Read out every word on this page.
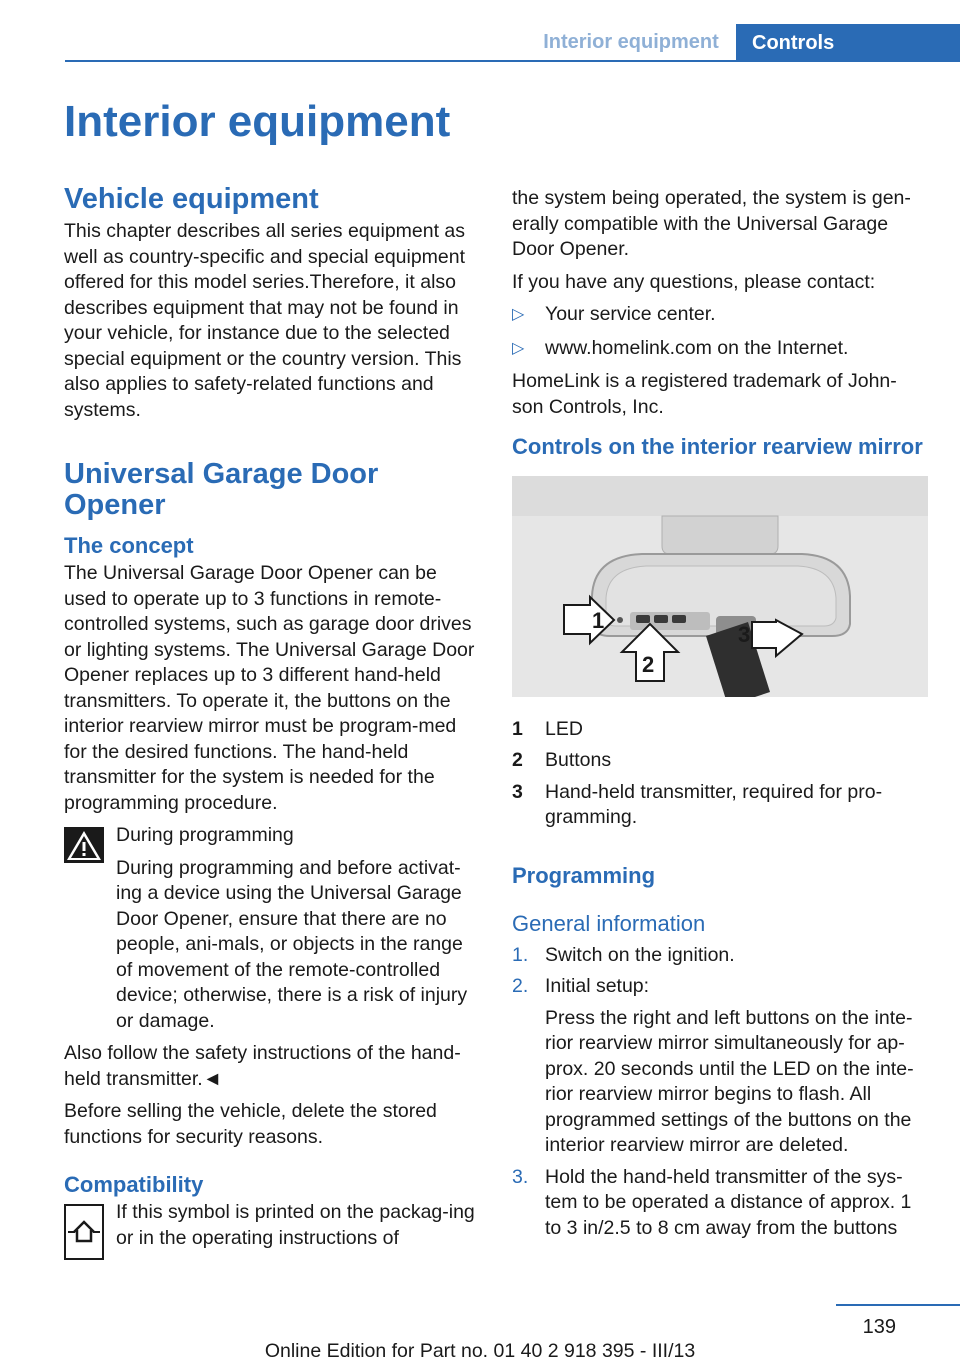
Interior equipment	Controls
Interior equipment
Vehicle equipment

This chapter describes all series equipment as well as country-specific and special equipment offered for this model series.Therefore, it also describes equipment that may not be found in your vehicle, for instance due to the selected special equipment or the country version. This also applies to safety-related functions and systems.

Universal Garage Door Opener
The concept

The Universal Garage Door Opener can be used to operate up to 3 functions in remote-controlled systems, such as garage door drives or lighting systems. The Universal Garage Door Opener replaces up to 3 different hand-held transmitters. To operate it, the buttons on the interior rearview mirror must be program-med for the desired functions. The hand-held transmitter for the system is needed for the programming procedure.

During programming

During programming and before activat-ing a device using the Universal Garage Door Opener, ensure that there are no people, ani-mals, or objects in the range of movement of the remote-controlled device; otherwise, there is a risk of injury or damage.

Also follow the safety instructions of the hand-held transmitter.◄

Before selling the vehicle, delete the stored functions for security reasons.

Compatibility

If this symbol is printed on the packag-ing or in the operating instructions of

the system being operated, the system is gen-erally compatible with the Universal Garage Door Opener.

If you have any questions, please contact:

▷	Your service center.
▷	www.homelink.com on the Internet.

HomeLink is a registered trademark of John-son Controls, Inc.

Controls on the interior rearview mirror
1
2
3
1	LED
2	Buttons
3	Hand-held transmitter, required for pro-gramming.
Programming
General information
1. Switch on the ignition.
2. Initial setup:
Press the right and left buttons on the inte-rior rearview mirror simultaneously for ap-prox. 20 seconds until the LED on the inte-rior rearview mirror begins to flash. All programmed settings of the buttons on the interior rearview mirror are deleted.
3. Hold the hand-held transmitter of the sys-tem to be operated a distance of approx. 1 to 3 in/2.5 to 8 cm away from the buttons
139
Online Edition for Part no. 01 40 2 918 395 - III/13
